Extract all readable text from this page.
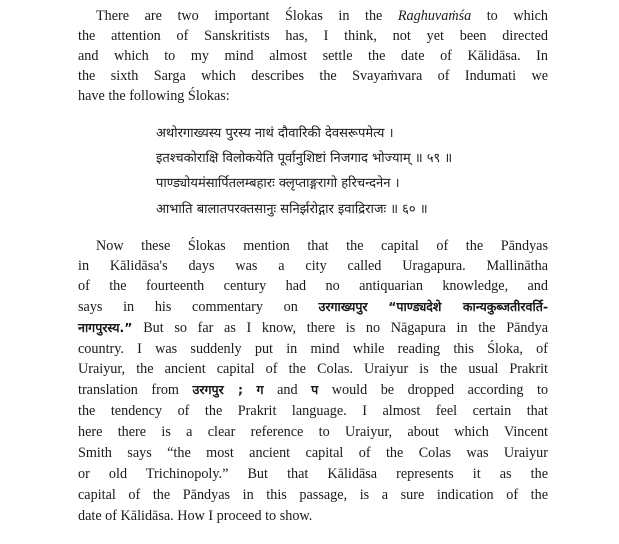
There are two important Ślokas in the Raghuvaṁśa to which
the attention of Sanskritists has, I think, not yet been directed
and which to my mind almost settle the date of Kālidāsa. In
the sixth Sarga which describes the Svayaṁvara of Indumati we
have the following Ślokas:
अथोरगाख्यस्य पुरस्य नाथं दौवारिकी देवसरूपमेत्य ।
इतश्चकोराक्षि विलोकयेति पूर्वानुशिष्टां निजगाद भोज्याम् ॥ ५९ ॥
पाण्ड्योयमंसार्पितलम्बहारः क्लृप्ताङ्गरागो हरिचन्दनेन ।
आभाति बालातपरक्तसानुः सनिर्झरोद्गार इवाद्रिराजः ॥ ६० ॥
Now these Ślokas mention that the capital of the Pāndyas
in Kālidāsa's days was a city called Uragapura. Mallinātha
of the fourteenth century had no antiquarian knowledge, and
says in his commentary on उरगाख्यपुर “पाण्ड्यदेशे कान्यकुब्जतीरवर्ति-
नागपुरस्य.” But so far as I know, there is no Nāgapura in the Pāndya
country. I was suddenly put in mind while reading this Śloka, of
Uraiyur, the ancient capital of the Colas. Uraiyur is the usual Prakrit
translation from उरगपुर ; ग and प would be dropped according to
the tendency of the Prakrit language. I almost feel certain that
here there is a clear reference to Uraiyur, about which Vincent
Smith says “the most ancient capital of the Colas was Uraiyur
or old Trichinopoly.” But that Kālidāsa represents it as the
capital of the Pāndyas in this passage, is a sure indication of the
date of Kālidāsa. How I proceed to show.
